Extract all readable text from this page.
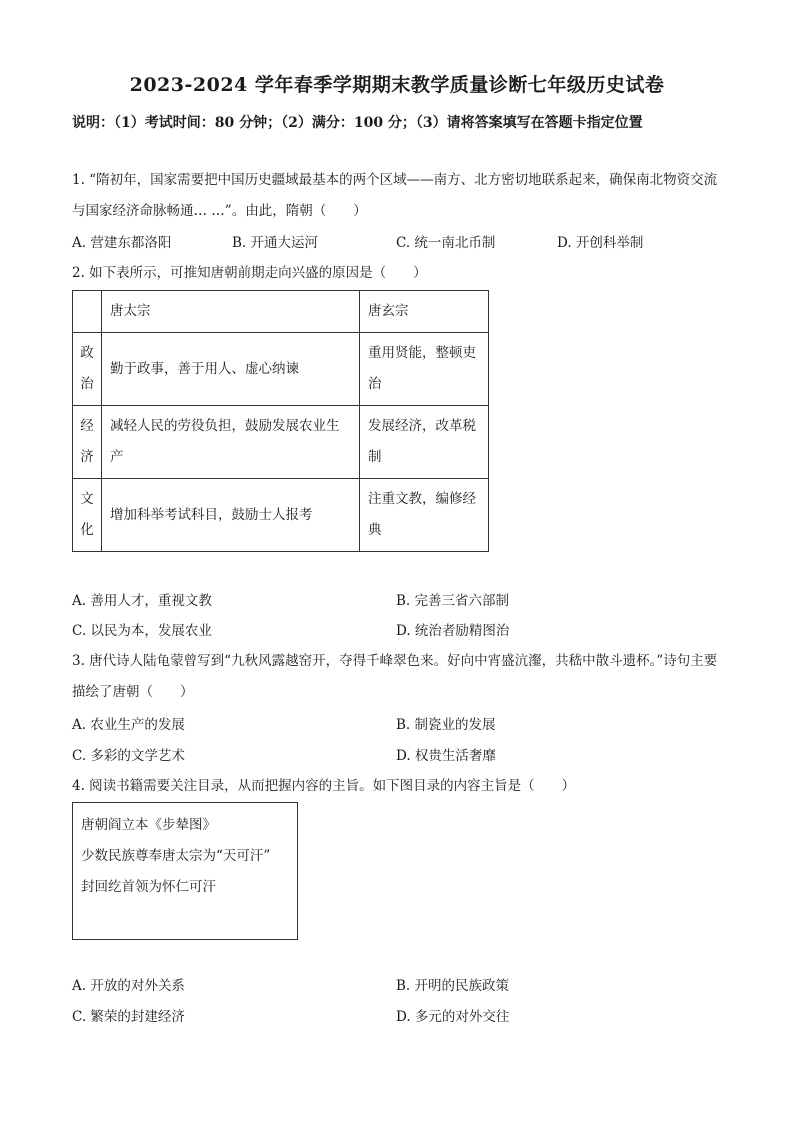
2023-2024 学年春季学期期末教学质量诊断七年级历史试卷
说明：（1）考试时间：80 分钟；（2）满分：100 分；（3）请将答案填写在答题卡指定位置
1. “隋初年，国家需要把中国历史疆域最基本的两个区域——南方、北方密切地联系起来，确保南北物资交流与国家经济命脉畅通… …”。由此，隋朝（　　）
A. 营建东都洛阳	B. 开通大运河	C. 统一南北币制	D. 开创科举制
2. 如下表所示，可推知唐朝前期走向兴盛的原因是（　　）
	唐太宗	唐玄宗
政治	勤于政事，善于用人、虚心纳谏	重用贤能，整顿吏治
经济	减轻人民的劳役负担，鼓励发展农业生产	发展经济，改革税制
文化	增加科举考试科目，鼓励士人报考	注重文教，编修经典
A. 善用人才，重视文教	B. 完善三省六部制
C. 以民为本，发展农业	D. 统治者励精图治
3. 唐代诗人陆龟蒙曾写到“九秋风露越窑开，夺得千峰翠色来。好向中宵盛沆瀣，共嵇中散斗遗杯。”诗句主要描绘了唐朝（　　）
A. 农业生产的发展	B. 制瓷业的发展
C. 多彩的文学艺术	D. 权贵生活奢靡
4. 阅读书籍需要关注目录，从而把握内容的主旨。如下图目录的内容主旨是（　　）
唐朝阎立本《步辇图》
少数民族尊奉唐太宗为“天可汗”
封回纥首领为怀仁可汗
A. 开放的对外关系	B. 开明的民族政策
C. 繁荣的封建经济	D. 多元的对外交往
